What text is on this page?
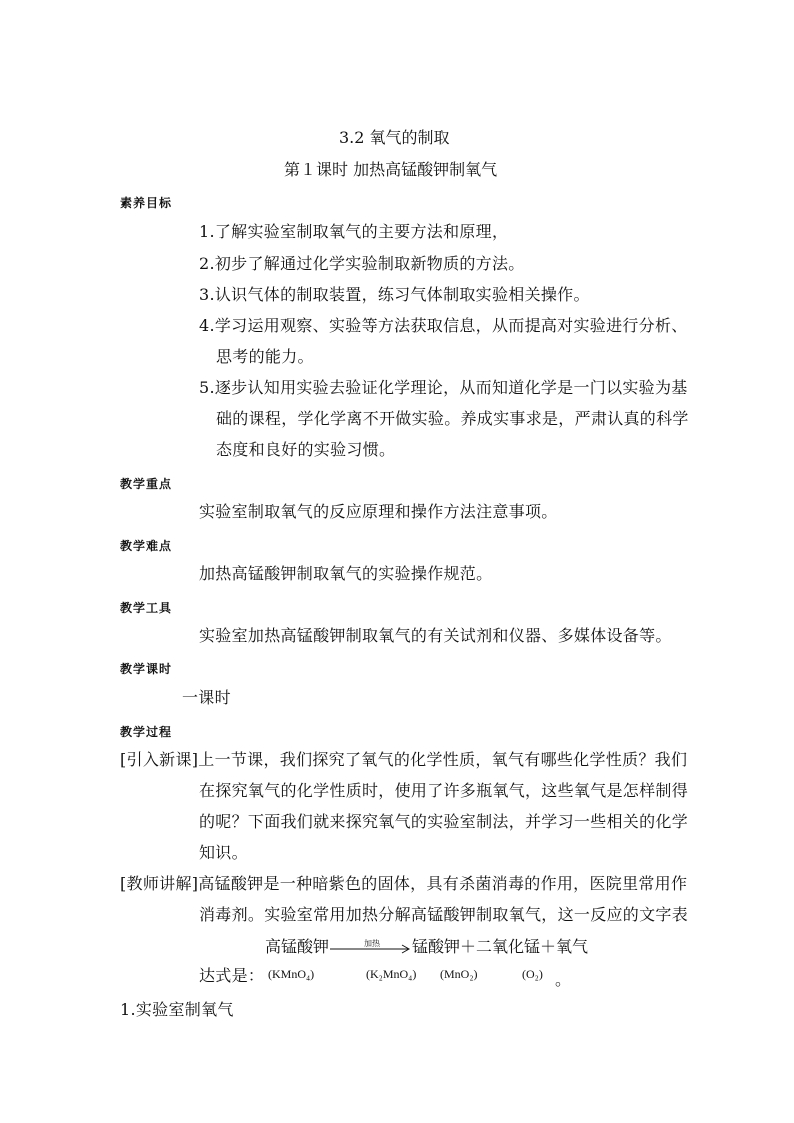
3.2 氧气的制取
第１课时 加热高锰酸钾制氧气
素养目标
1.了解实验室制取氧气的主要方法和原理，
2.初步了解通过化学实验制取新物质的方法。
3.认识气体的制取装置，练习气体制取实验相关操作。
4.学习运用观察、实验等方法获取信息，从而提高对实验进行分析、
思考的能力。
5.逐步认知用实验去验证化学理论，从而知道化学是一门以实验为基
础的课程，学化学离不开做实验。养成实事求是，严肃认真的科学
态度和良好的实验习惯。
教学重点
实验室制取氧气的反应原理和操作方法注意事项。
教学难点
加热高锰酸钾制取氧气的实验操作规范。
教学工具
实验室加热高锰酸钾制取氧气的有关试剂和仪器、多媒体设备等。
教学课时
一课时
教学过程
[引入新课]上一节课，我们探究了氧气的化学性质，氧气有哪些化学性质？我们
在探究氧气的化学性质时，使用了许多瓶氧气，这些氧气是怎样制得
的呢？下面我们就来探究氧气的实验室制法，并学习一些相关的化学
知识。
[教师讲解]高锰酸钾是一种暗紫色的固体，具有杀菌消毒的作用，医院里常用作
消毒剂。实验室常用加热分解高锰酸钾制取氧气，这一反应的文字表
高锰酸钾	加热 锰酸钾＋二氧化锰＋氧气
达式是： (KMnO₄)	(K₂MnO₄) (MnO₂)	(O₂) 。
1.实验室制氧气
